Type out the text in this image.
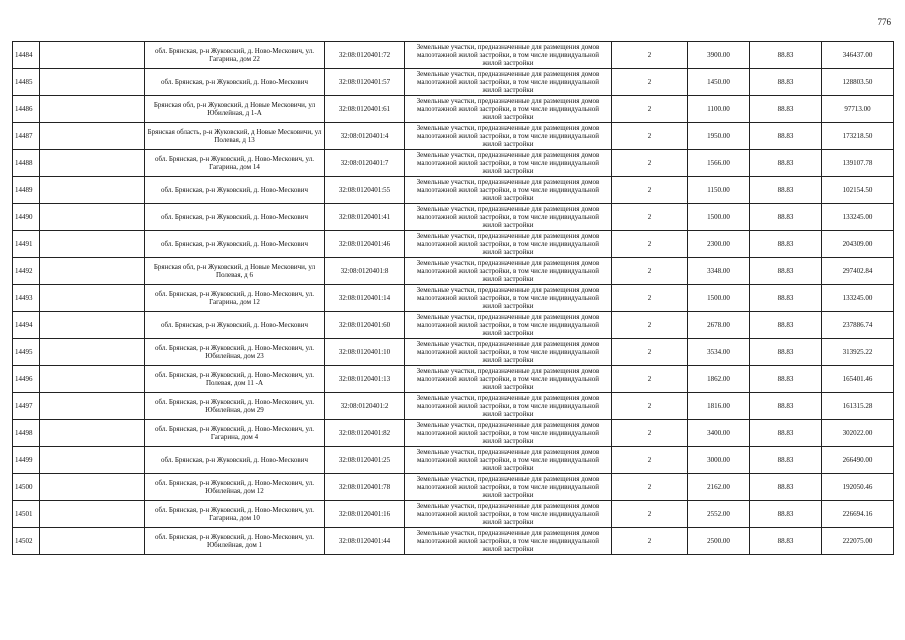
776
14484		обл. Брянская, р-н Жуковский, д. Ново-Мескович, ул. Гагарина, дом 22	32:08:0120401:72	Земельные участки, предназначенные для размещения домов малоэтажной жилой застройки, в том числе индивидуальной жилой застройки	2	3900.00	88.83	346437.00
14485		обл. Брянская, р-н Жуковский, д. Ново-Мескович	32:08:0120401:57	Земельные участки, предназначенные для размещения домов малоэтажной жилой застройки, в том числе индивидуальной жилой застройки	2	1450.00	88.83	128803.50
14486		Брянская обл, р-н Жуковский, д Новые Месковичи, ул Юбилейная, д 1-А	32:08:0120401:61	Земельные участки, предназначенные для размещения домов малоэтажной жилой застройки, в том числе индивидуальной жилой застройки	2	1100.00	88.83	97713.00
14487		Брянская область, р-н Жуковский, д Новые Месковичи, ул Полевая, д 13	32:08:0120401:4	Земельные участки, предназначенные для размещения домов малоэтажной жилой застройки, в том числе индивидуальной жилой застройки	2	1950.00	88.83	173218.50
14488		обл. Брянская, р-н Жуковский, д. Ново-Мескович, ул. Гагарина, дом 14	32:08:0120401:7	Земельные участки, предназначенные для размещения домов малоэтажной жилой застройки, в том числе индивидуальной жилой застройки	2	1566.00	88.83	139107.78
14489		обл. Брянская, р-н Жуковский, д. Ново-Мескович	32:08:0120401:55	Земельные участки, предназначенные для размещения домов малоэтажной жилой застройки, в том числе индивидуальной жилой застройки	2	1150.00	88.83	102154.50
14490		обл. Брянская, р-н Жуковский, д. Ново-Мескович	32:08:0120401:41	Земельные участки, предназначенные для размещения домов малоэтажной жилой застройки, в том числе индивидуальной жилой застройки	2	1500.00	88.83	133245.00
14491		обл. Брянская, р-н Жуковский, д. Ново-Мескович	32:08:0120401:46	Земельные участки, предназначенные для размещения домов малоэтажной жилой застройки, в том числе индивидуальной жилой застройки	2	2300.00	88.83	204309.00
14492		Брянская обл, р-н Жуковский, д Новые Месковичи, ул Полевая, д 6	32:08:0120401:8	Земельные участки, предназначенные для размещения домов малоэтажной жилой застройки, в том числе индивидуальной жилой застройки	2	3348.00	88.83	297402.84
14493		обл. Брянская, р-н Жуковский, д. Ново-Мескович, ул. Гагарина, дом 12	32:08:0120401:14	Земельные участки, предназначенные для размещения домов малоэтажной жилой застройки, в том числе индивидуальной жилой застройки	2	1500.00	88.83	133245.00
14494		обл. Брянская, р-н Жуковский, д. Ново-Мескович	32:08:0120401:60	Земельные участки, предназначенные для размещения домов малоэтажной жилой застройки, в том числе индивидуальной жилой застройки	2	2678.00	88.83	237886.74
14495		обл. Брянская, р-н Жуковский, д. Ново-Мескович, ул. Юбилейная, дом 23	32:08:0120401:10	Земельные участки, предназначенные для размещения домов малоэтажной жилой застройки, в том числе индивидуальной жилой застройки	2	3534.00	88.83	313925.22
14496		обл. Брянская, р-н Жуковский, д. Ново-Мескович, ул. Полевая, дом 11 -А	32:08:0120401:13	Земельные участки, предназначенные для размещения домов малоэтажной жилой застройки, в том числе индивидуальной жилой застройки	2	1862.00	88.83	165401.46
14497		обл. Брянская, р-н Жуковский, д. Ново-Мескович, ул. Юбилейная, дом 29	32:08:0120401:2	Земельные участки, предназначенные для размещения домов малоэтажной жилой застройки, в том числе индивидуальной жилой застройки	2	1816.00	88.83	161315.28
14498		обл. Брянская, р-н Жуковский, д. Ново-Мескович, ул. Гагарина, дом 4	32:08:0120401:82	Земельные участки, предназначенные для размещения домов малоэтажной жилой застройки, в том числе индивидуальной жилой застройки	2	3400.00	88.83	302022.00
14499		обл. Брянская, р-н Жуковский, д. Ново-Мескович	32:08:0120401:25	Земельные участки, предназначенные для размещения домов малоэтажной жилой застройки, в том числе индивидуальной жилой застройки	2	3000.00	88.83	266490.00
14500		обл. Брянская, р-н Жуковский, д. Ново-Мескович, ул. Юбилейная, дом 12	32:08:0120401:78	Земельные участки, предназначенные для размещения домов малоэтажной жилой застройки, в том числе индивидуальной жилой застройки	2	2162.00	88.83	192050.46
14501		обл. Брянская, р-н Жуковский, д. Ново-Мескович, ул. Гагарина, дом 10	32:08:0120401:16	Земельные участки, предназначенные для размещения домов малоэтажной жилой застройки, в том числе индивидуальной жилой застройки	2	2552.00	88.83	226694.16
14502		обл. Брянская, р-н Жуковский, д. Ново-Мескович, ул. Юбилейная, дом 1	32:08:0120401:44	Земельные участки, предназначенные для размещения домов малоэтажной жилой застройки, в том числе индивидуальной жилой застройки	2	2500.00	88.83	222075.00
